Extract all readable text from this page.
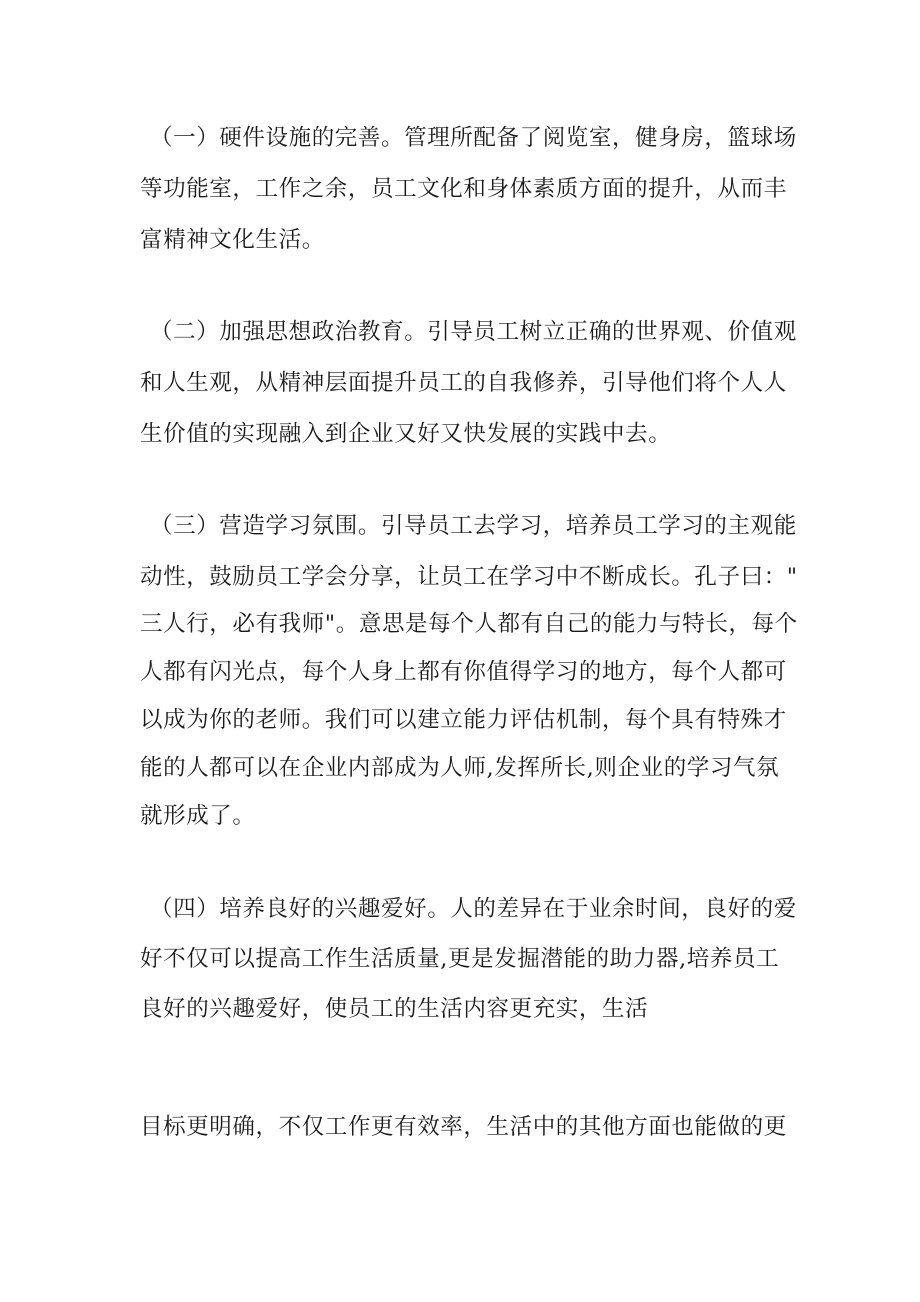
（一）硬件设施的完善。管理所配备了阅览室，健身房，篮球场
等功能室，工作之余，员工文化和身体素质方面的提升，从而丰
富精神文化生活。
（二）加强思想政治教育。引导员工树立正确的世界观、价值观
和人生观，从精神层面提升员工的自我修养，引导他们将个人人
生价值的实现融入到企业又好又快发展的实践中去。
（三）营造学习氛围。引导员工去学习，培养员工学习的主观能
动性，鼓励员工学会分享，让员工在学习中不断成长。孔子曰："
三人行，必有我师"。意思是每个人都有自己的能力与特长，每个
人都有闪光点，每个人身上都有你值得学习的地方，每个人都可
以成为你的老师。我们可以建立能力评估机制，每个具有特殊才
能的人都可以在企业内部成为人师,发挥所长,则企业的学习气氛
就形成了。
（四）培养良好的兴趣爱好。人的差异在于业余时间，良好的爱
好不仅可以提高工作生活质量,更是发掘潜能的助力器,培养员工
良好的兴趣爱好，使员工的生活内容更充实，生活
目标更明确，不仅工作更有效率，生活中的其他方面也能做的更
